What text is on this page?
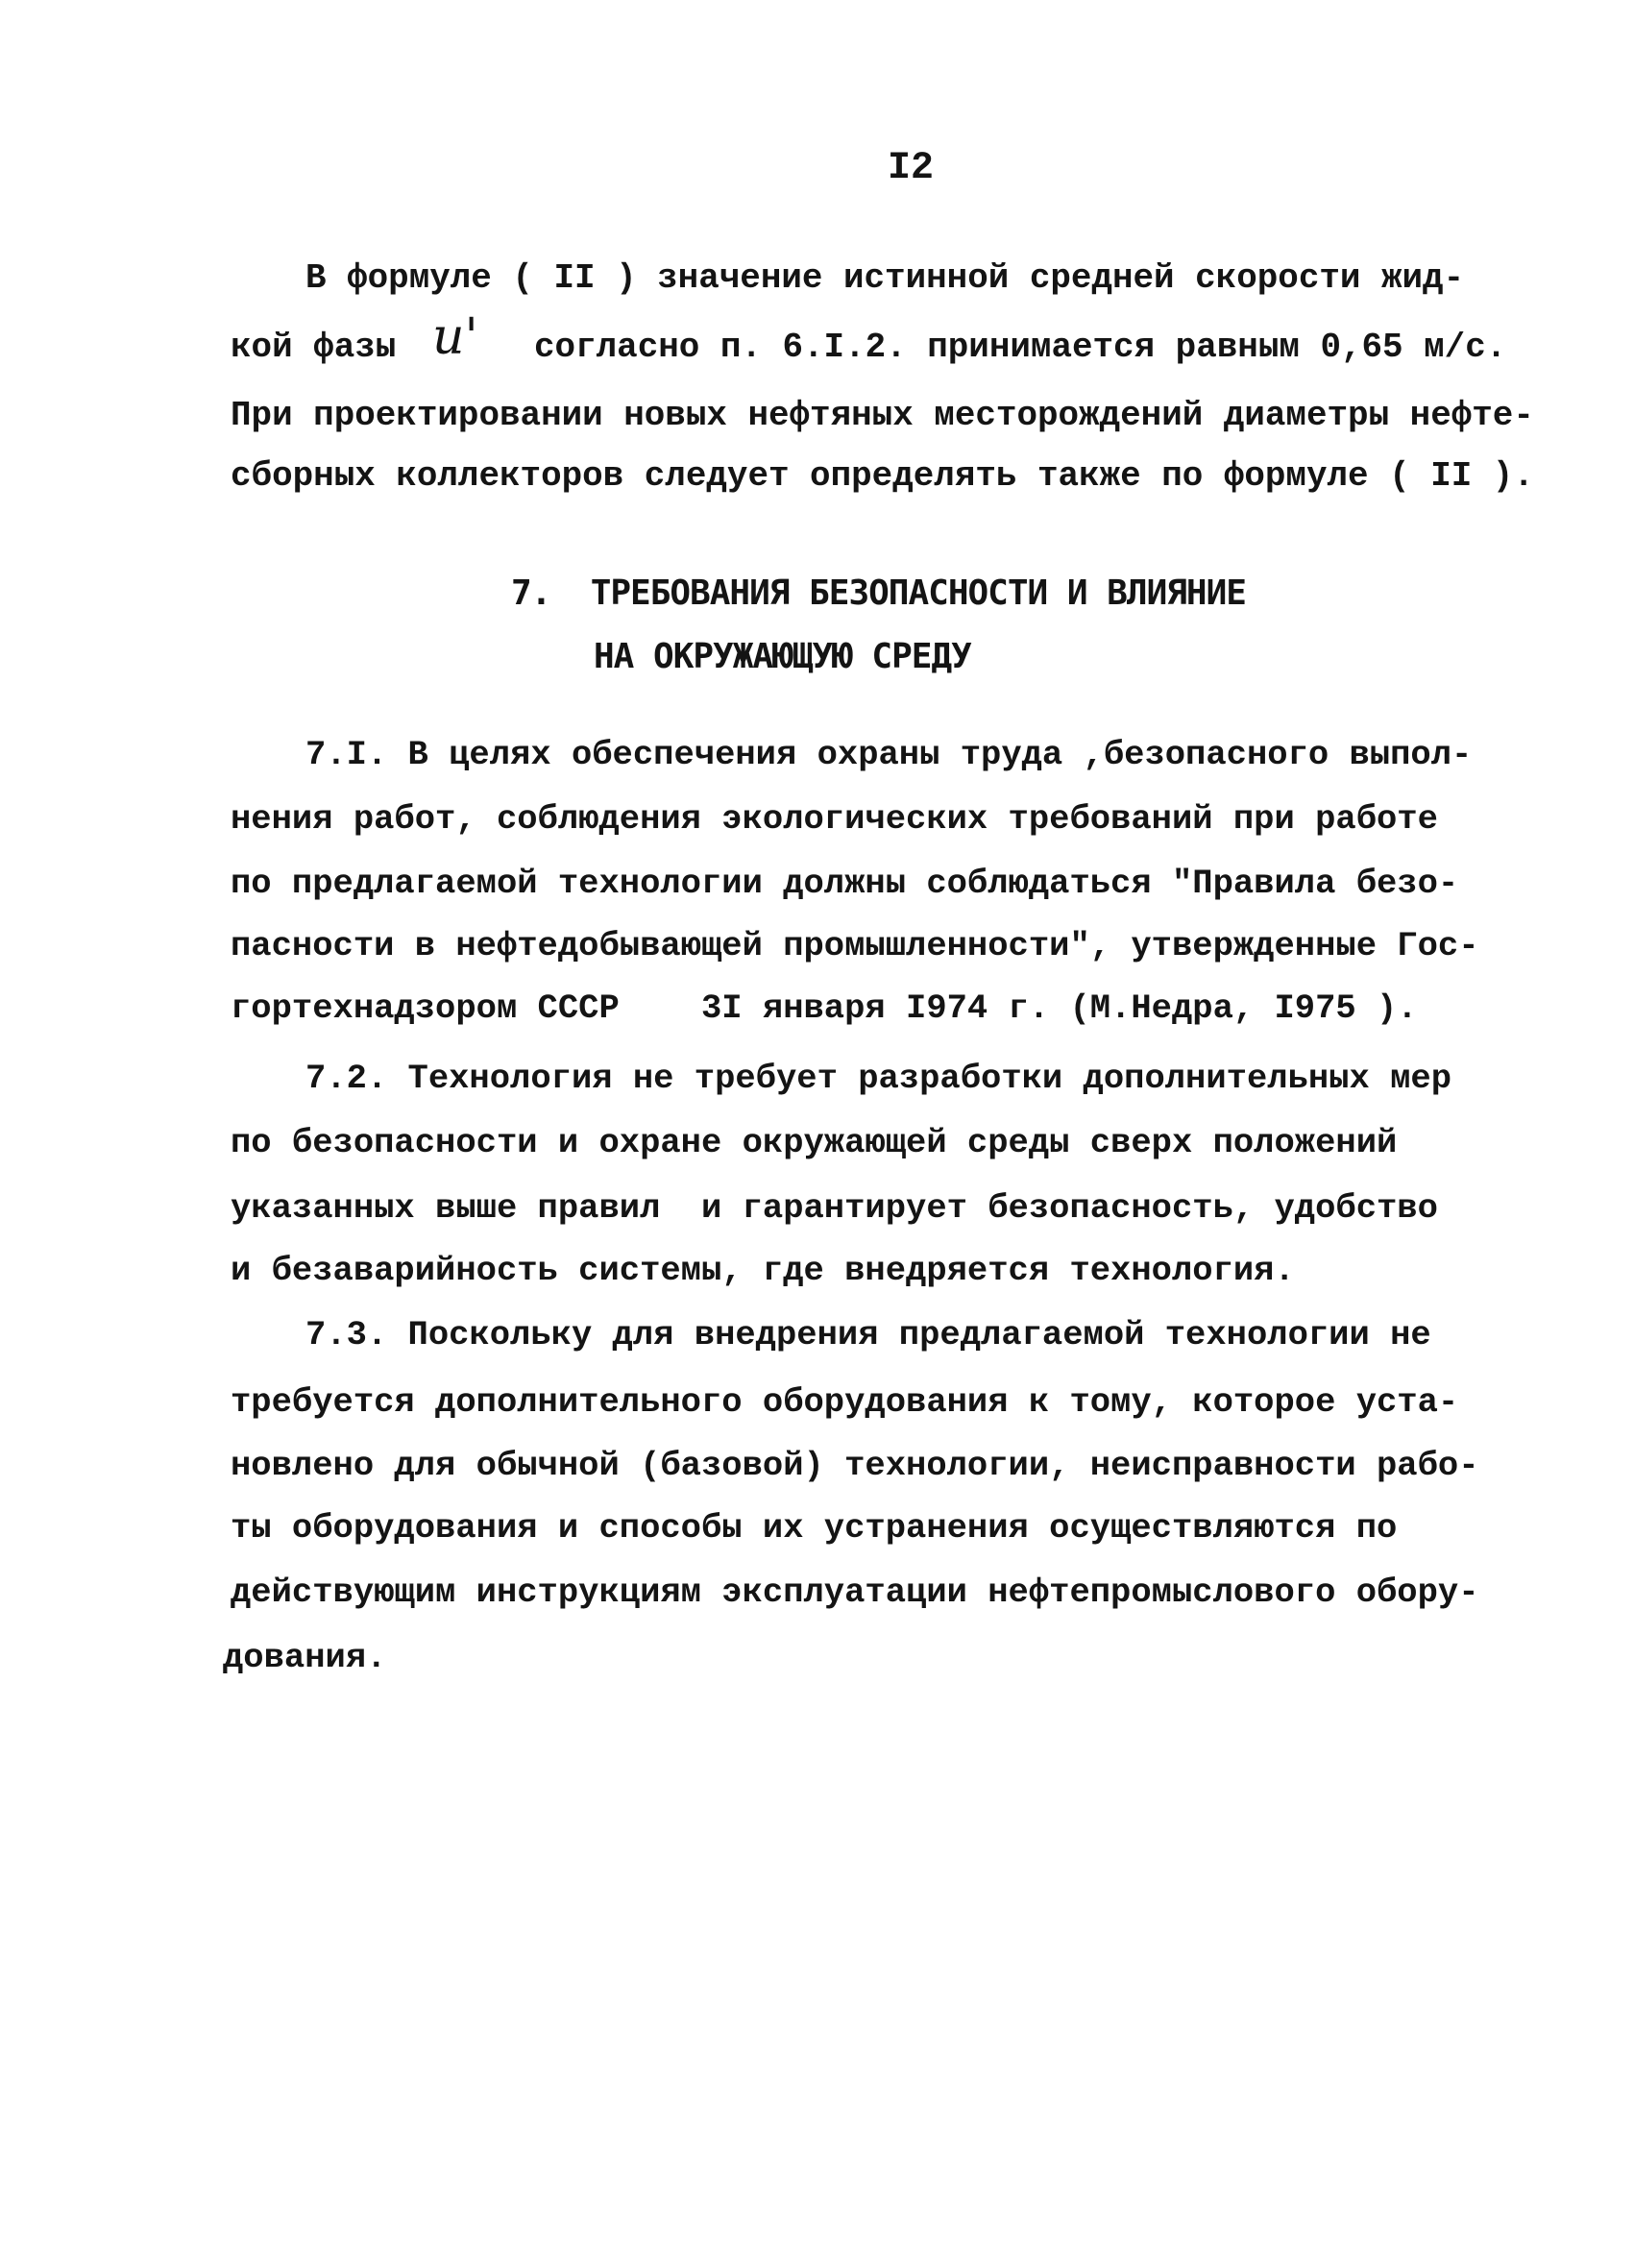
I2
В формуле ( II ) значение истинной средней скорости жид-
кой фазы u' согласно п. 6.I.2. принимается равным 0,65 м/с.
При проектировании новых нефтяных месторождений диаметры нефте-
сборных коллекторов следует определять также по формуле ( II ).
7.  ТРЕБОВАНИЯ БЕЗОПАСНОСТИ И ВЛИЯНИЕ
НА ОКРУЖАЮЩУЮ СРЕДУ
7.I. В целях обеспечения охраны труда ,безопасного выпол-
нения работ, соблюдения экологических требований при работе
по предлагаемой технологии должны соблюдаться "Правила безо-
пасности в нефтедобывающей промышленности", утвержденные Гос-
гортехнадзором СССР    3I января I974 г. (М.Недра, I975 ).
7.2. Технология не требует разработки дополнительных мер
по безопасности и охране окружающей среды сверх положений
указанных выше правил  и гарантирует безопасность, удобство
и безаварийность системы, где внедряется технология.
7.3. Поскольку для внедрения предлагаемой технологии не
требуется дополнительного оборудования к тому, которое уста-
новлено для обычной (базовой) технологии, неисправности рабо-
ты оборудования и способы их устранения осуществляются по
действующим инструкциям эксплуатации нефтепромыслового обору-
дования.
